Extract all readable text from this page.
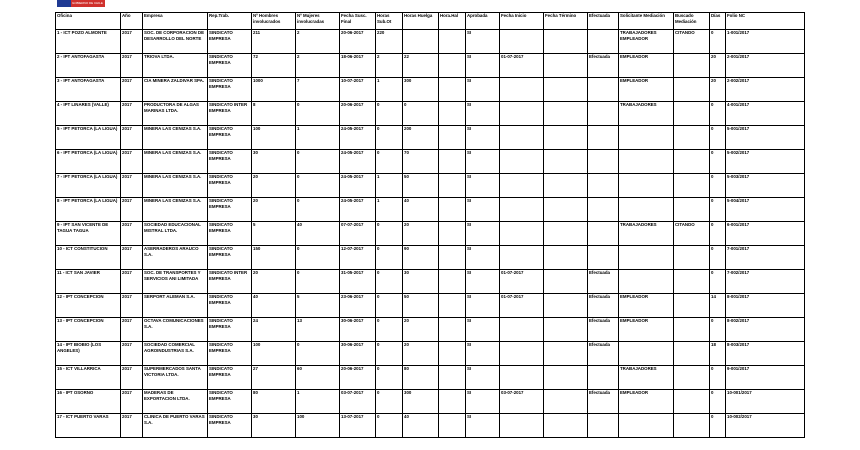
GOBIERNO DE CHILE
Oficina	Año	Empresa	Rep.Trab.	Nº Hombres involucrados	Nº Mujeres involucradas	Fecha Susc. Final	Horas Sub.Ot	Horas Huelga	Hora.Hal	Aprobada	Fecha Inicio	Fecha Término	Efectuada	Solicitante Mediación	Buscado Mediación	Días	Folio NC
1 - ICT POZO ALMONTE	2017	SOC. DE CORPORACION DE DESARROLLO DEL NORTE	SINDICATO EMPRESA	211	2	20-06-2017	220			SI				TRABAJADORES EMPLEADOR	CITANDO	0	1-001/2017
2 - IPT ANTOFAGASTA	2017	TRIOVA LTDA.	SINDICATO EMPRESA	72	2	18-06-2017	2	22		SI	01-07-2017		Efectuada	EMPLEADOR		20	2-001/2017
3 - IPT ANTOFAGASTA	2017	CIA MINERA ZALDIVAR SPA.	SINDICATO EMPRESA	1000	7	10-07-2017	1	300		SI				EMPLEADOR		20	2-002/2017
4 - IPT LINARES (VALLE)	2017	PRODUCTORA DE ALGAS MARINAS LTDA.	SINDICATO INTER EMPRESA	8	0	20-06-2017	0	0		SI				TRABAJADORES		0	4-001/2017
5 - IPT PETORCA (LA LIGUA)	2017	MINERA LAS CENIZAS S.A.	SINDICATO EMPRESA	100	1	24-05-2017	0	200		SI						0	5-001/2017
6 - IPT PETORCA (LA LIGUA)	2017	MINERA LAS CENIZAS S.A.	SINDICATO EMPRESA	30	0	24-05-2017	0	70		SI						0	5-002/2017
7 - IPT PETORCA (LA LIGUA)	2017	MINERA LAS CENIZAS S.A.	SINDICATO EMPRESA	20	0	24-05-2017	1	50		SI						0	5-003/2017
8 - IPT PETORCA (LA LIGUA)	2017	MINERA LAS CENIZAS S.A.	SINDICATO EMPRESA	20	0	24-05-2017	1	40		SI						0	5-004/2017
9 - IPT SAN VICENTE DE TAGUA TAGUA	2017	SOCIEDAD EDUCACIONAL MISTRAL LTDA.	SINDICATO EMPRESA	5	40	07-07-2017	0	20		SI				TRABAJADORES	CITANDO	0	6-001/2017
10 - ICT CONSTITUCION	2017	ASERRADEROS ARAUCO S.A.	SINDICATO EMPRESA	150	0	12-07-2017	0	90		SI						0	7-001/2017
11 - ICT SAN JAVIER	2017	SOC. DE TRANSPORTES Y SERVICIOS ANI LIMITADA	SINDICATO INTER EMPRESA	20	0	31-05-2017	0	30		SI	01-07-2017		Efectuada			0	7-002/2017
12 - IPT CONCEPCION	2017	SERPORT ALEMAN S.A.	SINDICATO EMPRESA	40	5	23-06-2017	0	50		SI	01-07-2017		Efectuada	EMPLEADOR		14	8-001/2017
13 - IPT CONCEPCION	2017	OCTAVA COMUNICACIONES S.A.	SINDICATO EMPRESA	24	13	30-06-2017	0	20		SI			Efectuada	EMPLEADOR		0	8-002/2017
14 - IPT BIOBIO (LOS ANGELES)	2017	SOCIEDAD COMERCIAL AGROINDUSTRIAS S.A.	SINDICATO EMPRESA	100	0	30-06-2017	0	20		SI			Efectuada			18	8-003/2017
15 - ICT VILLARRICA	2017	SUPERMERCADOS SANTA VICTORIA LTDA.	SINDICATO EMPRESA	27	60	20-06-2017	0	80		SI				TRABAJADORES		0	9-001/2017
16 - IPT OSORNO	2017	MADERAS DE EXPORTACION LTDA.	SINDICATO EMPRESA	80	1	03-07-2017	0	300		SI	03-07-2017		Efectuada	EMPLEADOR		0	10-001/2017
17 - ICT PUERTO VARAS	2017	CLINICA DE PUERTO VARAS S.A.	SINDICATO EMPRESA	30	100	13-07-2017	0	40		SI						0	10-002/2017
